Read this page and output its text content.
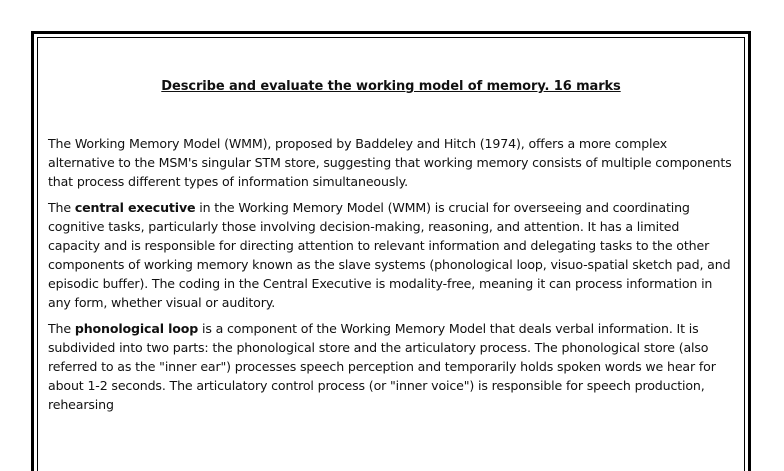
Describe and evaluate the working model of memory. 16 marks

The Working Memory Model (WMM), proposed by Baddeley and Hitch (1974), offers a more complex alternative to the MSM's singular STM store, suggesting that working memory consists of multiple components that process different types of information simultaneously.

The central executive in the Working Memory Model (WMM) is crucial for overseeing and coordinating cognitive tasks, particularly those involving decision-making, reasoning, and attention. It has a limited capacity and is responsible for directing attention to relevant information and delegating tasks to the other components of working memory known as the slave systems (phonological loop, visuo-spatial sketch pad, and episodic buffer). The coding in the Central Executive is modality-free, meaning it can process information in any form, whether visual or auditory.

The phonological loop is a component of the Working Memory Model that deals verbal information. It is subdivided into two parts: the phonological store and the articulatory process. The phonological store (also referred to as the "inner ear") processes speech perception and temporarily holds spoken words we hear for about 1-2 seconds. The articulatory control process (or "inner voice") is responsible for speech production, rehearsing
